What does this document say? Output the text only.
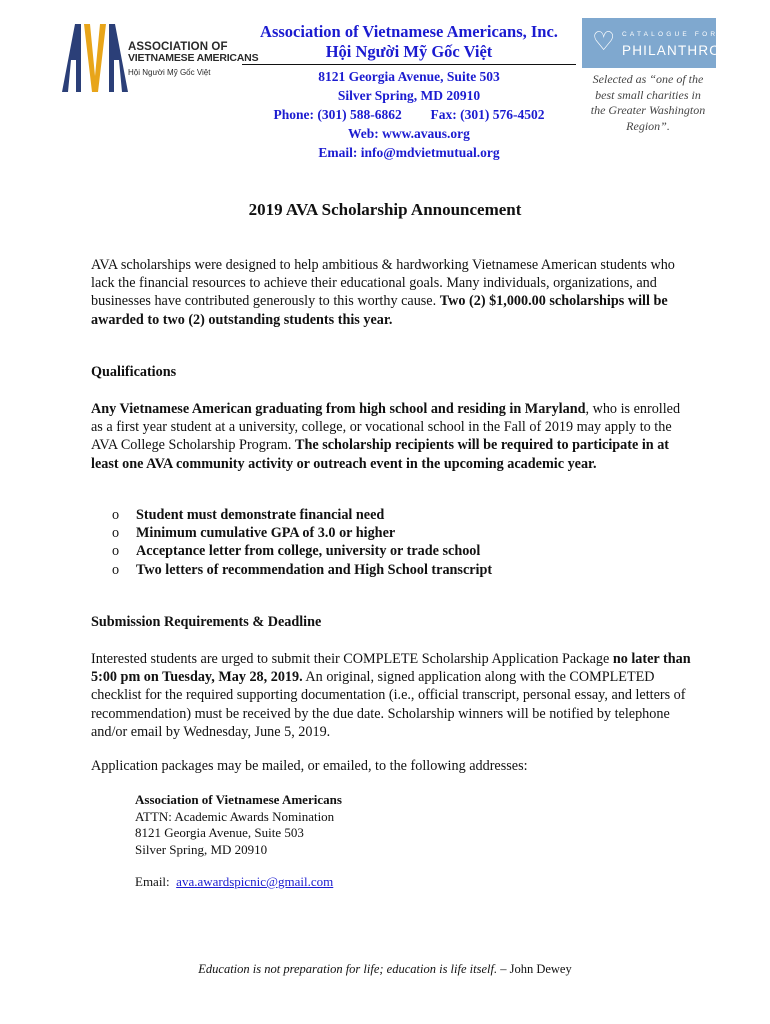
ASSOCIATION OF
VIETNAMESE AMERICANS
Hội Người Mỹ Gốc Việt
Association of Vietnamese Americans, Inc.
Hội Người Mỹ Gốc Việt
8121 Georgia Avenue, Suite 503
Silver Spring, MD 20910
Phone: (301) 588-6862 Fax: (301) 576-4502
Web: www.avaus.org
Email: info@mdvietmutual.org
♡ CATALOGUE FOR
PHILANTHROPY
Selected as “one of the best small charities in the Greater Washington Region”.
2019 AVA Scholarship Announcement

AVA scholarships were designed to help ambitious & hardworking Vietnamese American students who lack the financial resources to achieve their educational goals. Many individuals, organizations, and businesses have contributed generously to this worthy cause. Two (2) $1,000.00 scholarships will be awarded to two (2) outstanding students this year.

Qualifications

Any Vietnamese American graduating from high school and residing in Maryland, who is enrolled as a first year student at a university, college, or vocational school in the Fall of 2019 may apply to the AVA College Scholarship Program. The scholarship recipients will be required to participate in at least one AVA community activity or outreach event in the upcoming academic year.

o	Student must demonstrate financial need
o	Minimum cumulative GPA of 3.0 or higher
o	Acceptance letter from college, university or trade school
o	Two letters of recommendation and High School transcript
Submission Requirements & Deadline

Interested students are urged to submit their COMPLETE Scholarship Application Package no later than 5:00 pm on Tuesday, May 28, 2019. An original, signed application along with the COMPLETED checklist for the required supporting documentation (i.e., official transcript, personal essay, and letters of recommendation) must be received by the due date. Scholarship winners will be notified by telephone and/or email by Wednesday, June 5, 2019.

Application packages may be mailed, or emailed, to the following addresses:

Association of Vietnamese Americans
ATTN: Academic Awards Nomination
8121 Georgia Avenue, Suite 503
Silver Spring, MD 20910
Email:  ava.awardspicnic@gmail.com
Education is not preparation for life; education is life itself. – John Dewey
